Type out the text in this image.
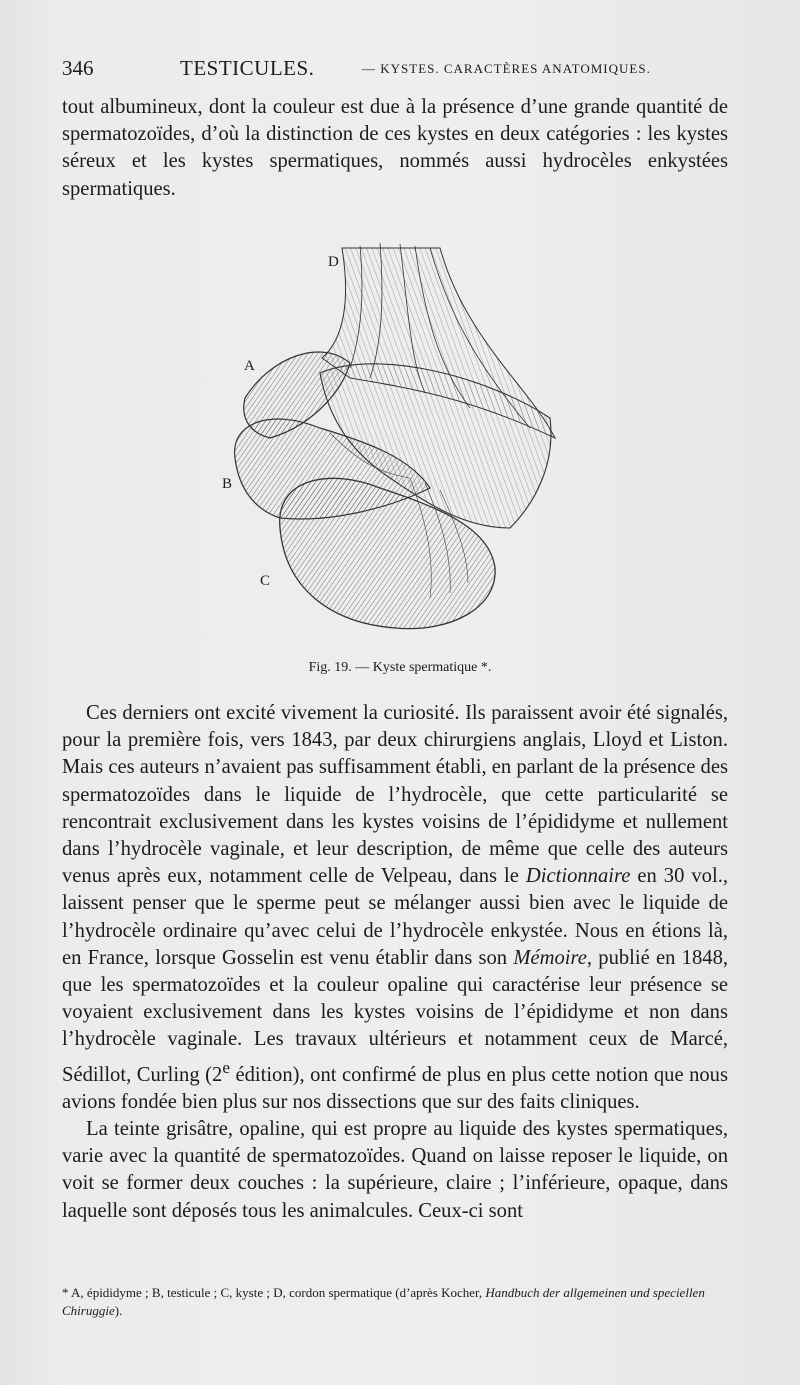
346	TESTICULES.	— KYSTES. CARACTÈRES ANATOMIQUES.

tout albumineux, dont la couleur est due à la présence d’une grande quantité de spermatozoïdes, d’où la distinction de ces kystes en deux catégories : les kystes séreux et les kystes spermatiques, nommés aussi hydrocèles enkystées spermatiques.

D
A
B
C
Fig. 19. — Kyste spermatique *.

Ces derniers ont excité vivement la curiosité. Ils paraissent avoir été signalés, pour la première fois, vers 1843, par deux chirurgiens anglais, Lloyd et Liston. Mais ces auteurs n’avaient pas suffisamment établi, en parlant de la présence des spermatozoïdes dans le liquide de l’hydrocèle, que cette particularité se rencontrait exclusivement dans les kystes voisins de l’épididyme et nullement dans l’hydrocèle vaginale, et leur description, de même que celle des auteurs venus après eux, notamment celle de Velpeau, dans le Dictionnaire en 30 vol., laissent penser que le sperme peut se mélanger aussi bien avec le liquide de l’hydrocèle ordinaire qu’avec celui de l’hydrocèle enkystée. Nous en étions là, en France, lorsque Gosselin est venu établir dans son Mémoire, publié en 1848, que les spermatozoïdes et la couleur opaline qui caractérise leur présence se voyaient exclusivement dans les kystes voisins de l’épididyme et non dans l’hydrocèle vaginale. Les travaux ultérieurs et notamment ceux de Marcé, Sédillot, Curling (2e édition), ont confirmé de plus en plus cette notion que nous avions fondée bien plus sur nos dissections que sur des faits cliniques.

La teinte grisâtre, opaline, qui est propre au liquide des kystes spermatiques, varie avec la quantité de spermatozoïdes. Quand on laisse reposer le liquide, on voit se former deux couches : la supérieure, claire ; l’inférieure, opaque, dans laquelle sont déposés tous les animalcules. Ceux-ci sont

* A, épididyme ; B, testicule ; C, kyste ; D, cordon spermatique (d’après Kocher, Handbuch der allgemeinen und speciellen Chiruggie).
